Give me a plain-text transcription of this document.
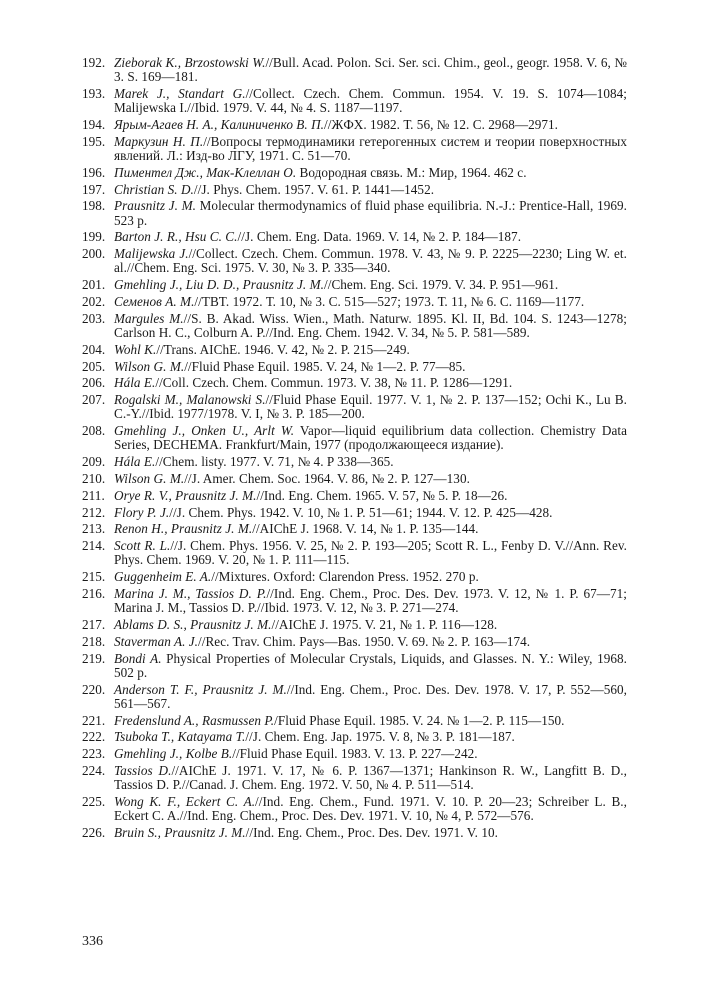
192. Zieborak K., Brzostowski W.//Bull. Acad. Polon. Sci. Ser. sci. Chim., geol., geogr. 1958. V. 6, № 3. S. 169—181.
193. Marek J., Standart G.//Collect. Czech. Chem. Commun. 1954. V. 19. S. 1074—1084; Malijewska I.//Ibid. 1979. V. 44, № 4. S. 1187—1197.
194. Ярым-Агаев Н. А., Калиниченко В. П.//ЖФХ. 1982. Т. 56, № 12. С. 2968—2971.
195. Маркузин Н. П.//Вопросы термодинамики гетерогенных систем и теории поверхностных явлений. Л.: Изд-во ЛГУ, 1971. С. 51—70.
196. Пиментел Дж., Мак-Клеллан О. Водородная связь. М.: Мир, 1964. 462 с.
197. Christian S. D.//J. Phys. Chem. 1957. V. 61. P. 1441—1452.
198. Prausnitz J. M. Molecular thermodynamics of fluid phase equilibria. N.-J.: Prentice-Hall, 1969. 523 p.
199. Barton J. R., Hsu C. C.//J. Chem. Eng. Data. 1969. V. 14, № 2. P. 184—187.
200. Malijewska J.//Collect. Czech. Chem. Commun. 1978. V. 43, № 9. P. 2225—2230; Ling W. et. al.//Chem. Eng. Sci. 1975. V. 30, № 3. P. 335—340.
201. Gmehling J., Liu D. D., Prausnitz J. M.//Chem. Eng. Sci. 1979. V. 34. P. 951—961.
202. Семенов А. М.//TBT. 1972. Т. 10, № 3. С. 515—527; 1973. Т. 11, № 6. С. 1169—1177.
203. Margules M.//S. B. Akad. Wiss. Wien., Math. Naturw. 1895. Kl. II, Bd. 104. S. 1243—1278; Carlson H. C., Colburn A. P.//Ind. Eng. Chem. 1942. V. 34, № 5. P. 581—589.
204. Wohl K.//Trans. AIChE. 1946. V. 42, № 2. P. 215—249.
205. Wilson G. M.//Fluid Phase Equil. 1985. V. 24, № 1—2. P. 77—85.
206. Hála E.//Coll. Czech. Chem. Commun. 1973. V. 38, № 11. P. 1286—1291.
207. Rogalski M., Malanowski S.//Fluid Phase Equil. 1977. V. 1, № 2. P. 137—152; Ochi K., Lu B. C.-Y.//Ibid. 1977/1978. V. I, № 3. P. 185—200.
208. Gmehling J., Onken U., Arlt W. Vapor—liquid equilibrium data collection. Chemistry Data Series, DECHEMA. Frankfurt/Main, 1977 (продолжающееся издание).
209. Hála E.//Chem. listy. 1977. V. 71, № 4. P 338—365.
210. Wilson G. M.//J. Amer. Chem. Soc. 1964. V. 86, № 2. P. 127—130.
211. Orye R. V., Prausnitz J. M.//Ind. Eng. Chem. 1965. V. 57, № 5. P. 18—26.
212. Flory P. J.//J. Chem. Phys. 1942. V. 10, № 1. P. 51—61; 1944. V. 12. P. 425—428.
213. Renon H., Prausnitz J. M.//AIChE J. 1968. V. 14, № 1. P. 135—144.
214. Scott R. L.//J. Chem. Phys. 1956. V. 25, № 2. P. 193—205; Scott R. L., Fenby D. V.//Ann. Rev. Phys. Chem. 1969. V. 20, № 1. P. 111—115.
215. Guggenheim E. A.//Mixtures. Oxford: Clarendon Press. 1952. 270 p.
216. Marina J. M., Tassios D. P.//Ind. Eng. Chem., Proc. Des. Dev. 1973. V. 12, № 1. P. 67—71; Marina J. M., Tassios D. P.//Ibid. 1973. V. 12, № 3. P. 271—274.
217. Ablams D. S., Prausnitz J. M.//AIChE J. 1975. V. 21, № 1. P. 116—128.
218. Staverman A. J.//Rec. Trav. Chim. Pays—Bas. 1950. V. 69. № 2. P. 163—174.
219. Bondi A. Physical Properties of Molecular Crystals, Liquids, and Glasses. N. Y.: Wiley, 1968. 502 p.
220. Anderson T. F., Prausnitz J. M.//Ind. Eng. Chem., Proc. Des. Dev. 1978. V. 17, P. 552—560, 561—567.
221. Fredenslund A., Rasmussen P./Fluid Phase Equil. 1985. V. 24. № 1—2. P. 115—150.
222. Tsuboka T., Katayama T.//J. Chem. Eng. Jap. 1975. V. 8, № 3. P. 181—187.
223. Gmehling J., Kolbe B.//Fluid Phase Equil. 1983. V. 13. P. 227—242.
224. Tassios D.//AIChE J. 1971. V. 17, № 6. P. 1367—1371; Hankinson R. W., Langfitt B. D., Tassios D. P.//Canad. J. Chem. Eng. 1972. V. 50, № 4. P. 511—514.
225. Wong K. F., Eckert C. A.//Ind. Eng. Chem., Fund. 1971. V. 10. P. 20—23; Schreiber L. B., Eckert C. A.//Ind. Eng. Chem., Proc. Des. Dev. 1971. V. 10, № 4, P. 572—576.
226. Bruin S., Prausnitz J. M.//Ind. Eng. Chem., Proc. Des. Dev. 1971. V. 10.
336
